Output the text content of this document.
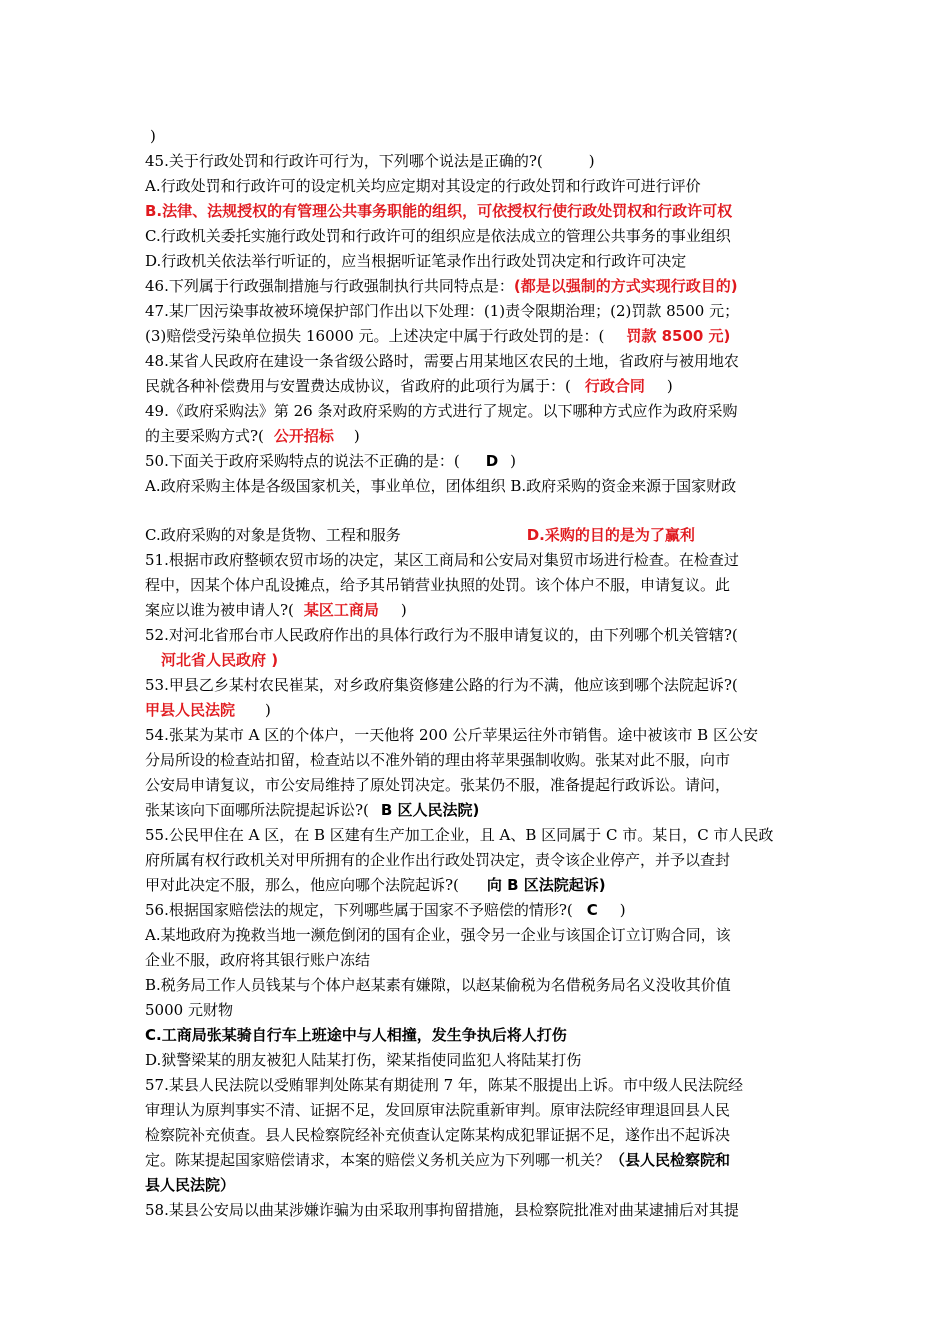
)
45.关于行政处罚和行政许可行为，下列哪个说法是正确的?(	)
A.行政处罚和行政许可的设定机关均应定期对其设定的行政处罚和行政许可进行评价
B.法律、法规授权的有管理公共事务职能的组织，可依授权行使行政处罚权和行政许可权
C.行政机关委托实施行政处罚和行政许可的组织应是依法成立的管理公共事务的事业组织
D.行政机关依法举行听证的，应当根据听证笔录作出行政处罚决定和行政许可决定
46.下列属于行政强制措施与行政强制执行共同特点是：(都是以强制的方式实现行政目的)
47.某厂因污染事故被环境保护部门作出以下处理：(1)责令限期治理；(2)罚款 8500 元；
(3)赔偿受污染单位损失 16000 元。上述决定中属于行政处罚的是：( 罚款 8500 元)
48.某省人民政府在建设一条省级公路时，需要占用某地区农民的土地，省政府与被用地农
民就各种补偿费用与安置费达成协议，省政府的此项行为属于：( 行政合同 )
49.《政府采购法》第 26 条对政府采购的方式进行了规定。以下哪种方式应作为政府采购
的主要采购方式?( 公开招标 )
50.下面关于政府采购特点的说法不正确的是：( D )
A.政府采购主体是各级国家机关，事业单位，团体组织 B.政府采购的资金来源于国家财政
C.政府采购的对象是货物、工程和服务	D.采购的目的是为了赢利
51.根据市政府整顿农贸市场的决定，某区工商局和公安局对集贸市场进行检查。在检查过
程中，因某个体户乱设摊点，给予其吊销营业执照的处罚。该个体户不服，申请复议。此
案应以谁为被申请人?( 某区工商局 )
52.对河北省邢台市人民政府作出的具体行政行为不服申请复议的，由下列哪个机关管辖?(
河北省人民政府 )
53.甲县乙乡某村农民崔某，对乡政府集资修建公路的行为不满，他应该到哪个法院起诉?(
甲县人民法院 )
54.张某为某市 A 区的个体户，一天他将 200 公斤苹果运往外市销售。途中被该市 B 区公安
分局所设的检查站扣留，检查站以不准外销的理由将苹果强制收购。张某对此不服，向市
公安局申请复议，市公安局维持了原处罚决定。张某仍不服，准备提起行政诉讼。请问，
张某该向下面哪所法院提起诉讼?( B 区人民法院)
55.公民甲住在 A 区，在 B 区建有生产加工企业，且 A、B 区同属于 C 市。某日，C 市人民政
府所属有权行政机关对甲所拥有的企业作出行政处罚决定，责令该企业停产，并予以查封
甲对此决定不服，那么，他应向哪个法院起诉?( 向 B 区法院起诉)
56.根据国家赔偿法的规定，下列哪些属于国家不予赔偿的情形?( C )
A.某地政府为挽救当地一濒危倒闭的国有企业，强令另一企业与该国企订立订购合同，该
企业不服，政府将其银行账户冻结
B.税务局工作人员钱某与个体户赵某素有嫌隙，以赵某偷税为名借税务局名义没收其价值
5000 元财物
C.工商局张某骑自行车上班途中与人相撞，发生争执后将人打伤
D.狱警梁某的朋友被犯人陆某打伤，梁某指使同监犯人将陆某打伤
57.某县人民法院以受贿罪判处陈某有期徒刑 7 年，陈某不服提出上诉。市中级人民法院经
审理认为原判事实不清、证据不足，发回原审法院重新审判。原审法院经审理退回县人民
检察院补充侦查。县人民检察院经补充侦查认定陈某构成犯罪证据不足，遂作出不起诉决
定。陈某提起国家赔偿请求，本案的赔偿义务机关应为下列哪一机关？（县人民检察院和
县人民法院）
58.某县公安局以曲某涉嫌诈骗为由采取刑事拘留措施，县检察院批准对曲某逮捕后对其提
